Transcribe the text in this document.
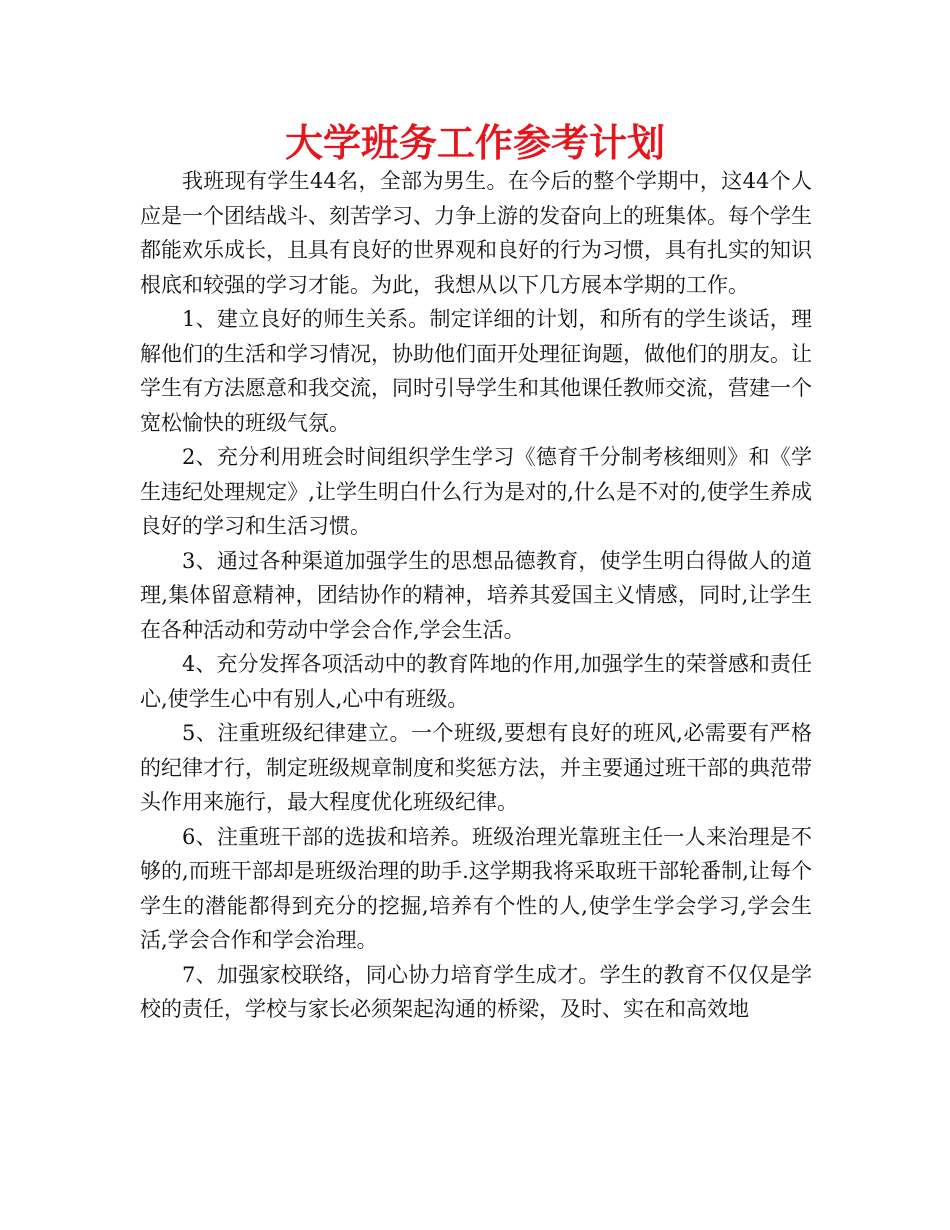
大学班务工作参考计划

我班现有学生44名，全部为男生。在今后的整个学期中，这44个人应是一个团结战斗、刻苦学习、力争上游的发奋向上的班集体。每个学生都能欢乐成长，且具有良好的世界观和良好的行为习惯，具有扎实的知识根底和较强的学习才能。为此，我想从以下几方展本学期的工作。

1、建立良好的师生关系。制定详细的计划，和所有的学生谈话，理解他们的生活和学习情况，协助他们面开处理征询题，做他们的朋友。让学生有方法愿意和我交流，同时引导学生和其他课任教师交流，营建一个宽松愉快的班级气氛。

2、充分利用班会时间组织学生学习《德育千分制考核细则》和《学生违纪处理规定》,让学生明白什么行为是对的,什么是不对的,使学生养成良好的学习和生活习惯。

3、通过各种渠道加强学生的思想品德教育，使学生明白得做人的道理,集体留意精神，团结协作的精神，培养其爱国主义情感，同时,让学生在各种活动和劳动中学会合作,学会生活。

4、充分发挥各项活动中的教育阵地的作用,加强学生的荣誉感和责任心,使学生心中有别人,心中有班级。

5、注重班级纪律建立。一个班级,要想有良好的班风,必需要有严格的纪律才行，制定班级规章制度和奖惩方法，并主要通过班干部的典范带头作用来施行，最大程度优化班级纪律。

6、注重班干部的选拔和培养。班级治理光靠班主任一人来治理是不够的,而班干部却是班级治理的助手.这学期我将采取班干部轮番制,让每个学生的潜能都得到充分的挖掘,培养有个性的人,使学生学会学习,学会生活,学会合作和学会治理。

7、加强家校联络，同心协力培育学生成才。学生的教育不仅仅是学校的责任，学校与家长必须架起沟通的桥梁，及时、实在和高效地
